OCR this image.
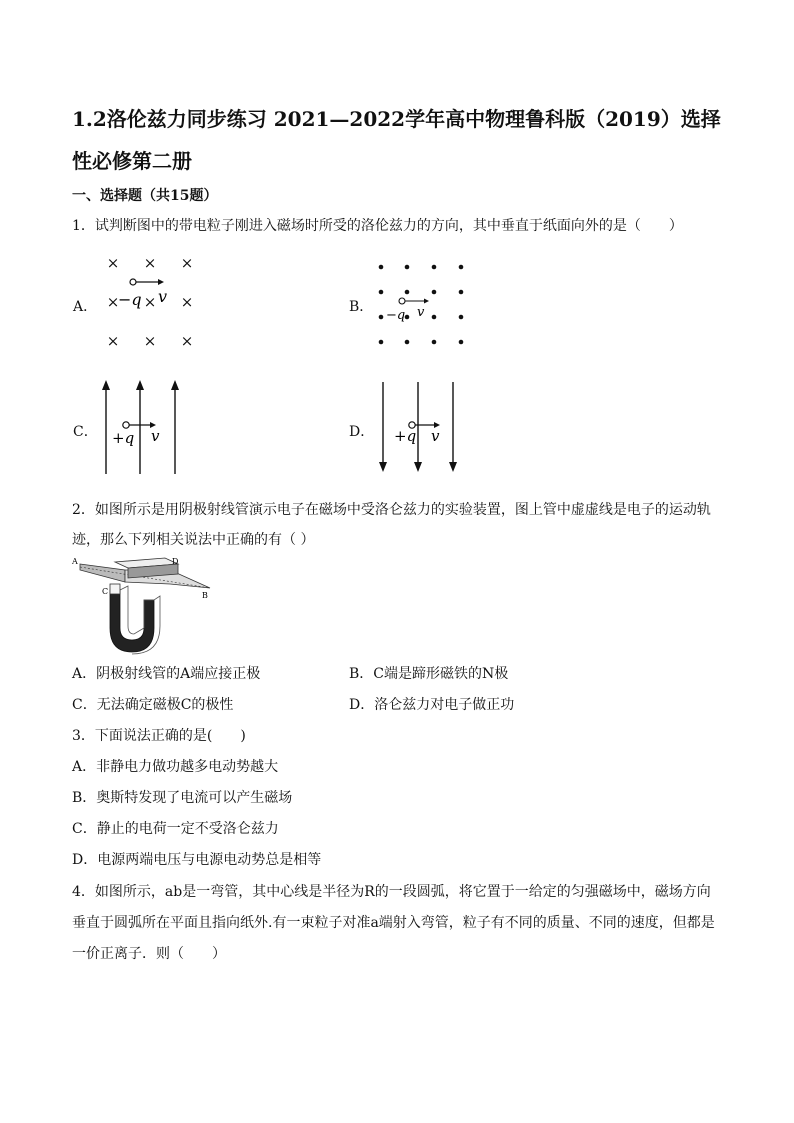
1.2洛伦兹力同步练习 2021—2022学年高中物理鲁科版（2019）选择性必修第二册
一、选择题（共15题）
1．试判断图中的带电粒子刚进入磁场时所受的洛伦兹力的方向，其中垂直于纸面向外的是（　　）
A．
× × ×
× × ×
× × ×
−q v
B．
−q v
C． +q v	D． +q v
2．如图所示是用阴极射线管演示电子在磁场中受洛仑兹力的实验装置，图上管中虚虚线是电子的运动轨
迹，那么下列相关说法中正确的有（ ）
A
B
C
D
A．阴极射线管的A端应接正极	B．C端是蹄形磁铁的N极
C．无法确定磁极C的极性	D．洛仑兹力对电子做正功
3．下面说法正确的是(　　)
A．非静电力做功越多电动势越大
B．奥斯特发现了电流可以产生磁场
C．静止的电荷一定不受洛仑兹力
D．电源两端电压与电源电动势总是相等
4．如图所示，ab是一弯管，其中心线是半径为R的一段圆弧，将它置于一给定的匀强磁场中，磁场方向
垂直于圆弧所在平面且指向纸外.有一束粒子对准a端射入弯管，粒子有不同的质量、不同的速度，但都是
一价正离子．则（　　）
